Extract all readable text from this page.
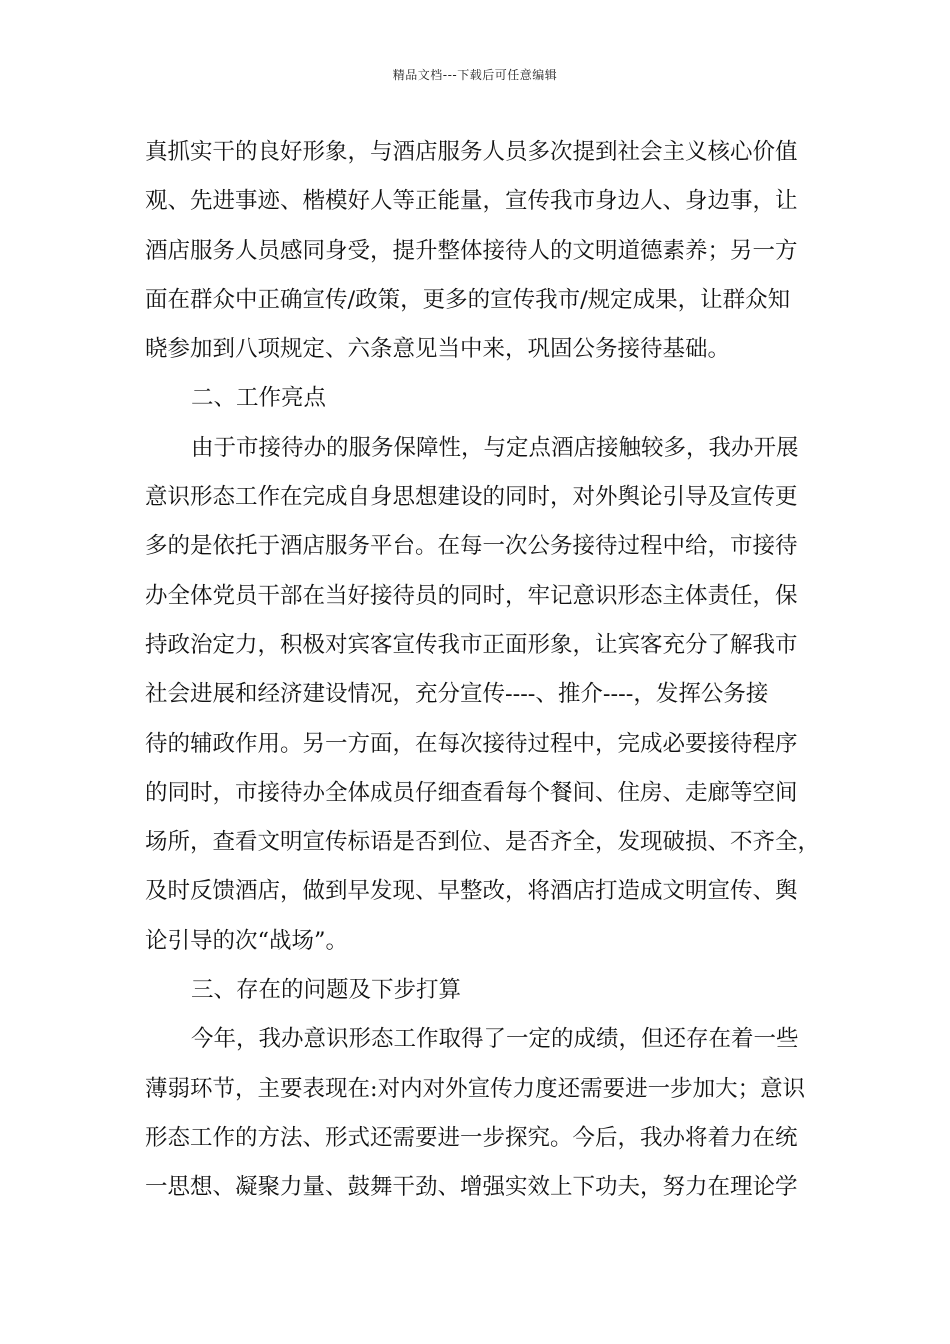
精品文档---下载后可任意编辑
真抓实干的良好形象，与酒店服务人员多次提到社会主义核心价值
观、先进事迹、楷模好人等正能量，宣传我市身边人、身边事，让
酒店服务人员感同身受，提升整体接待人的文明道德素养；另一方
面在群众中正确宣传/政策，更多的宣传我市/规定成果，让群众知
晓参加到八项规定、六条意见当中来，巩固公务接待基础。
二、工作亮点
由于市接待办的服务保障性，与定点酒店接触较多，我办开展
意识形态工作在完成自身思想建设的同时，对外舆论引导及宣传更
多的是依托于酒店服务平台。在每一次公务接待过程中给，市接待
办全体党员干部在当好接待员的同时，牢记意识形态主体责任，保
持政治定力，积极对宾客宣传我市正面形象，让宾客充分了解我市
社会进展和经济建设情况，充分宣传----、推介----，发挥公务接
待的辅政作用。另一方面，在每次接待过程中，完成必要接待程序
的同时，市接待办全体成员仔细查看每个餐间、住房、走廊等空间
场所，查看文明宣传标语是否到位、是否齐全，发现破损、不齐全，
及时反馈酒店，做到早发现、早整改，将酒店打造成文明宣传、舆
论引导的次“战场”。
三、存在的问题及下步打算
今年，我办意识形态工作取得了一定的成绩，但还存在着一些
薄弱环节，主要表现在:对内对外宣传力度还需要进一步加大；意识
形态工作的方法、形式还需要进一步探究。今后，我办将着力在统
一思想、凝聚力量、鼓舞干劲、增强实效上下功夫，努力在理论学
